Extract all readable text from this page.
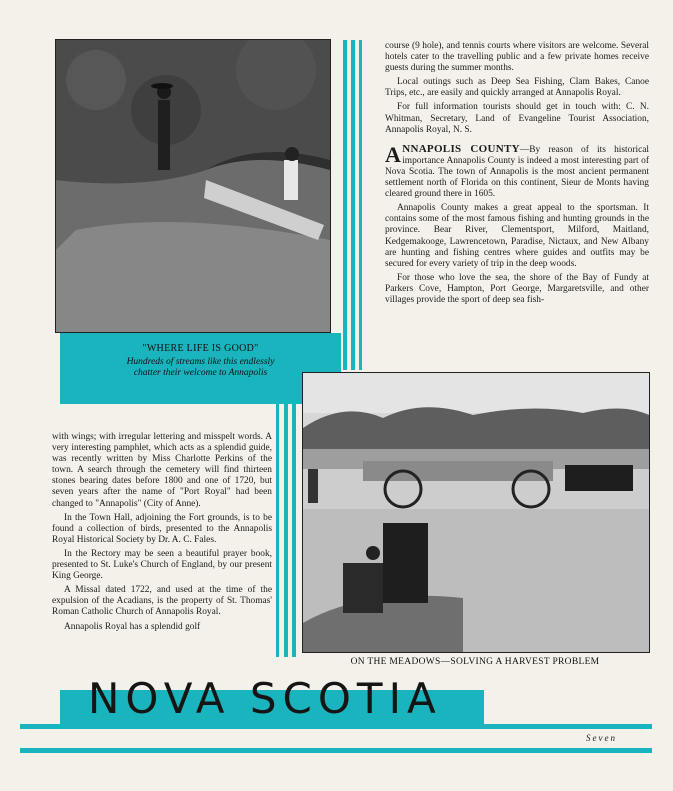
"WHERE LIFE IS GOOD"
Hundreds of streams like this endlessly
chatter their welcome to Annapolis
ON THE MEADOWS—SOLVING A HARVEST PROBLEM

course (9 hole), and tennis courts where visitors are welcome. Several hotels cater to the travelling public and a few private homes receive guests during the summer months.

Local outings such as Deep Sea Fishing, Clam Bakes, Canoe Trips, etc., are easily and quickly arranged at Annapolis Royal.

For full information tourists should get in touch with: C. N. Whitman, Secretary, Land of Evangeline Tourist Association, Annapolis Royal, N. S.

ANNAPOLIS COUNTY—By reason of its historical importance Annapolis County is indeed a most interesting part of Nova Scotia. The town of Annapolis is the most ancient permanent settlement north of Florida on this continent, Sieur de Monts having cleared ground there in 1605.

Annapolis County makes a great appeal to the sportsman. It contains some of the most famous fishing and hunting grounds in the province. Bear River, Clementsport, Milford, Maitland, Kedgemakooge, Lawrencetown, Paradise, Nictaux, and New Albany are hunting and fishing centres where guides and outfits may be secured for every variety of trip in the deep woods.

For those who love the sea, the shore of the Bay of Fundy at Parkers Cove, Hampton, Port George, Margaretsville, and other villages provide the sport of deep sea fish-

with wings; with irregular lettering and misspelt words. A very interesting pamphlet, which acts as a splendid guide, was recently written by Miss Charlotte Perkins of the town. A search through the cemetery will find thirteen stones bearing dates before 1800 and one of 1720, but seven years after the name of "Port Royal" had been changed to "Annapolis" (City of Anne).

In the Town Hall, adjoining the Fort grounds, is to be found a collection of birds, presented to the Annapolis Royal Historical Society by Dr. A. C. Fales.

In the Rectory may be seen a beautiful prayer book, presented to St. Luke's Church of England, by our present King George.

A Missal dated 1722, and used at the time of the expulsion of the Acadians, is the property of St. Thomas' Roman Catholic Church of Annapolis Royal.

Annapolis Royal has a splendid golf

NOVA SCOTIA
Seven
